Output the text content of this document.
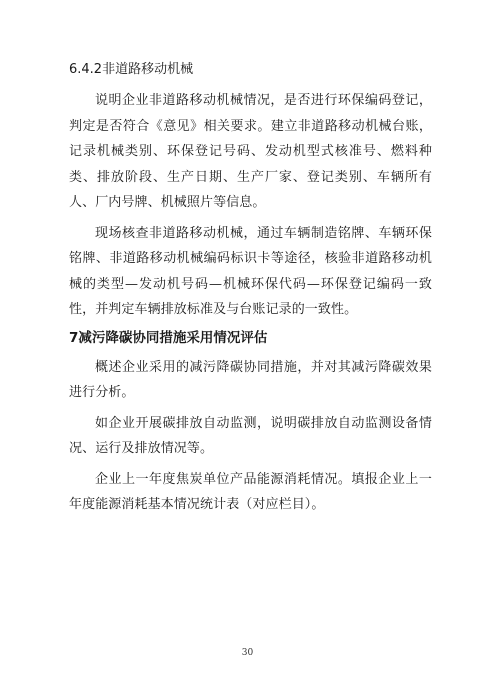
6.4.2非道路移动机械

说明企业非道路移动机械情况，是否进行环保编码登记，判定是否符合《意见》相关要求。建立非道路移动机械台账，记录机械类别、环保登记号码、发动机型式核准号、燃料种类、排放阶段、生产日期、生产厂家、登记类别、车辆所有人、厂内号牌、机械照片等信息。

现场核查非道路移动机械，通过车辆制造铭牌、车辆环保铭牌、非道路移动机械编码标识卡等途径，核验非道路移动机械的类型—发动机号码—机械环保代码—环保登记编码一致性，并判定车辆排放标准及与台账记录的一致性。

7减污降碳协同措施采用情况评估

概述企业采用的减污降碳协同措施，并对其减污降碳效果进行分析。

如企业开展碳排放自动监测，说明碳排放自动监测设备情况、运行及排放情况等。

企业上一年度焦炭单位产品能源消耗情况。填报企业上一年度能源消耗基本情况统计表（对应栏目）。

30
